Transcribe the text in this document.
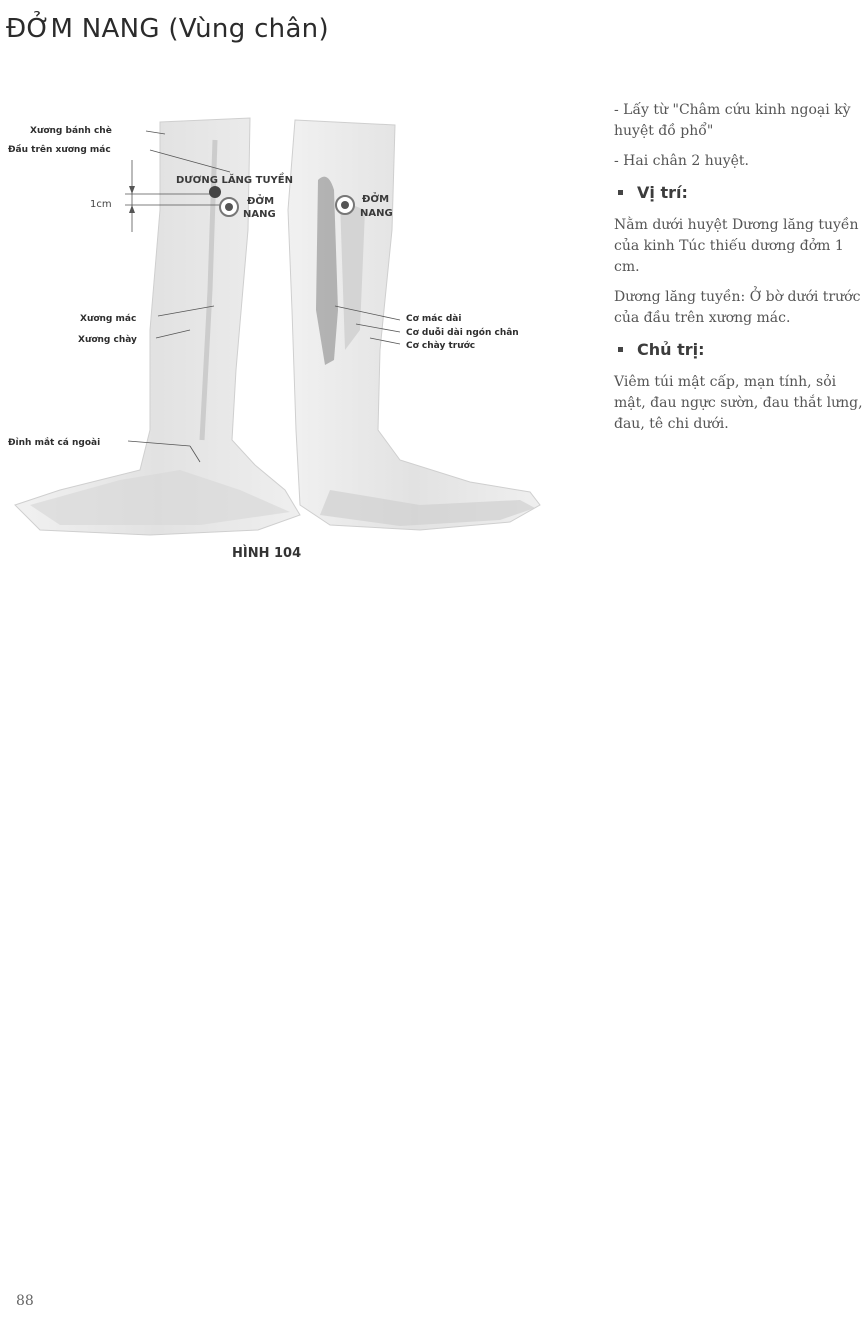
ĐỞM NANG (Vùng chân)
Xương bánh chè
Đầu trên xương mác
1cm
Xương mác
Xương chày
Đỉnh mắt cá ngoài
Cơ mác dài
Cơ duỗi dài ngón chân
Cơ chày trước
DƯƠNG LĂNG TUYỀN
ĐỞM
NANG
ĐỞM
NANG
HÌNH 104

- Lấy từ "Châm cứu kinh ngoại kỳ huyệt đồ phổ"

- Hai chân 2 huyệt.

Vị trí:

Nằm dưới huyệt Dương lăng tuyền của kinh Túc thiếu dương đởm 1 cm.

Dương lăng tuyền: Ở bờ dưới trước của đầu trên xương mác.

Chủ trị:

Viêm túi mật cấp, mạn tính, sỏi mật, đau ngực sườn, đau thắt lưng, đau, tê chi dưới.

88
